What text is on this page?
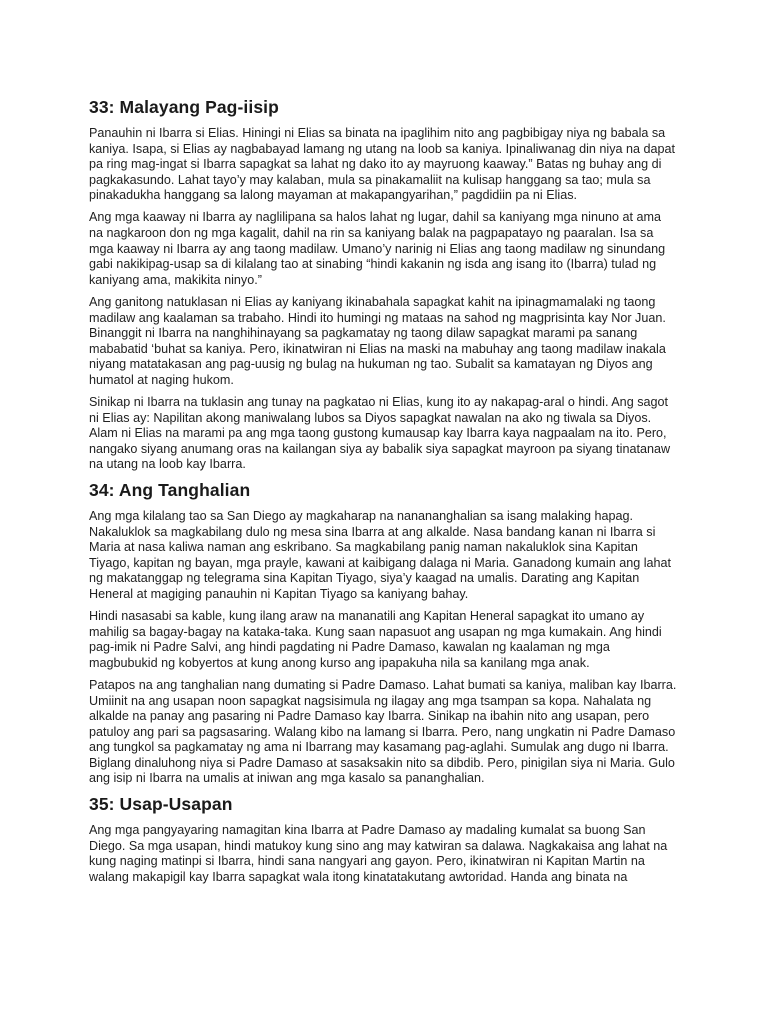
33: Malayang Pag-iisip

Panauhin ni Ibarra si Elias. Hiningi ni Elias sa binata na ipaglihim nito ang pagbibigay niya ng babala sa kaniya. Isapa, si Elias ay nagbabayad lamang ng utang na loob sa kaniya. Ipinaliwanag din niya na dapat pa ring mag-ingat si Ibarra sapagkat sa lahat ng dako ito ay mayruong kaaway.” Batas ng buhay ang di pagkakasundo. Lahat tayo’y may kalaban, mula sa pinakamaliit na kulisap hanggang sa tao; mula sa pinakadukha hanggang sa lalong mayaman at makapangyarihan,” pagdidiin pa ni Elias.

Ang mga kaaway ni Ibarra ay naglilipana sa halos lahat ng lugar, dahil sa kaniyang mga ninuno at ama na nagkaroon don ng mga kagalit, dahil na rin sa kaniyang balak na pagpapatayo ng paaralan. Isa sa mga kaaway ni Ibarra ay ang taong madilaw. Umano’y narinig ni Elias ang taong madilaw ng sinundang gabi nakikipag-usap sa di kilalang tao at sinabing “hindi kakanin ng isda ang isang ito (Ibarra) tulad ng kaniyang ama, makikita ninyo.”

Ang ganitong natuklasan ni Elias ay kaniyang ikinabahala sapagkat kahit na ipinagmamalaki ng taong madilaw ang kaalaman sa trabaho. Hindi ito humingi ng mataas na sahod ng magprisinta kay Nor Juan. Binanggit ni Ibarra na nanghihinayang sa pagkamatay ng taong dilaw sapagkat marami pa sanang mababatid ‘buhat sa kaniya. Pero, ikinatwiran ni Elias na maski na mabuhay ang taong madilaw inakala niyang matatakasan ang pag-uusig ng bulag na hukuman ng tao. Subalit sa kamatayan ng Diyos ang humatol at naging hukom.

Sinikap ni Ibarra na tuklasin ang tunay na pagkatao ni Elias, kung ito ay nakapag-aral o hindi. Ang sagot ni Elias ay: Napilitan akong maniwalang lubos sa Diyos sapagkat nawalan na ako ng tiwala sa Diyos. Alam ni Elias na marami pa ang mga taong gustong kumausap kay Ibarra kaya nagpaalam na ito. Pero, nangako siyang anumang oras na kailangan siya ay babalik siya sapagkat mayroon pa siyang tinatanaw na utang na loob kay Ibarra.

34: Ang Tanghalian

Ang mga kilalang tao sa San Diego ay magkaharap na nanananghalian sa isang malaking hapag. Nakaluklok sa magkabilang dulo ng mesa sina Ibarra at ang alkalde. Nasa bandang kanan ni Ibarra si Maria at nasa kaliwa naman ang eskribano. Sa magkabilang panig naman nakaluklok sina Kapitan Tiyago, kapitan ng bayan, mga prayle, kawani at kaibigang dalaga ni Maria. Ganadong kumain ang lahat ng makatanggap ng telegrama sina Kapitan Tiyago, siya’y kaagad na umalis. Darating ang Kapitan Heneral at magiging panauhin ni Kapitan Tiyago sa kaniyang bahay.

Hindi nasasabi sa kable, kung ilang araw na mananatili ang Kapitan Heneral sapagkat ito umano ay mahilig sa bagay-bagay na kataka-taka. Kung saan napasuot ang usapan ng mga kumakain. Ang hindi pag-imik ni Padre Salvi, ang hindi pagdating ni Padre Damaso, kawalan ng kaalaman ng mga magbubukid ng kobyertos at kung anong kurso ang ipapakuha nila sa kanilang mga anak.

Patapos na ang tanghalian nang dumating si Padre Damaso. Lahat bumati sa kaniya, maliban kay Ibarra. Umiinit na ang usapan noon sapagkat nagsisimula ng ilagay ang mga tsampan sa kopa. Nahalata ng alkalde na panay ang pasaring ni Padre Damaso kay Ibarra. Sinikap na ibahin nito ang usapan, pero patuloy ang pari sa pagsasaring. Walang kibo na lamang si Ibarra. Pero, nang ungkatin ni Padre Damaso ang tungkol sa pagkamatay ng ama ni Ibarrang may kasamang pag-aglahi. Sumulak ang dugo ni Ibarra. Biglang dinaluhong niya si Padre Damaso at sasaksakin nito sa dibdib. Pero, pinigilan siya ni Maria. Gulo ang isip ni Ibarra na umalis at iniwan ang mga kasalo sa pananghalian.

35: Usap-Usapan

Ang mga pangyayaring namagitan kina Ibarra at Padre Damaso ay madaling kumalat sa buong San Diego. Sa mga usapan, hindi matukoy kung sino ang may katwiran sa dalawa. Nagkakaisa ang lahat na kung naging matinpi si Ibarra, hindi sana nangyari ang gayon. Pero, ikinatwiran ni Kapitan Martin na walang makapigil kay Ibarra sapagkat wala itong kinatatakutang awtoridad. Handa ang binata na
